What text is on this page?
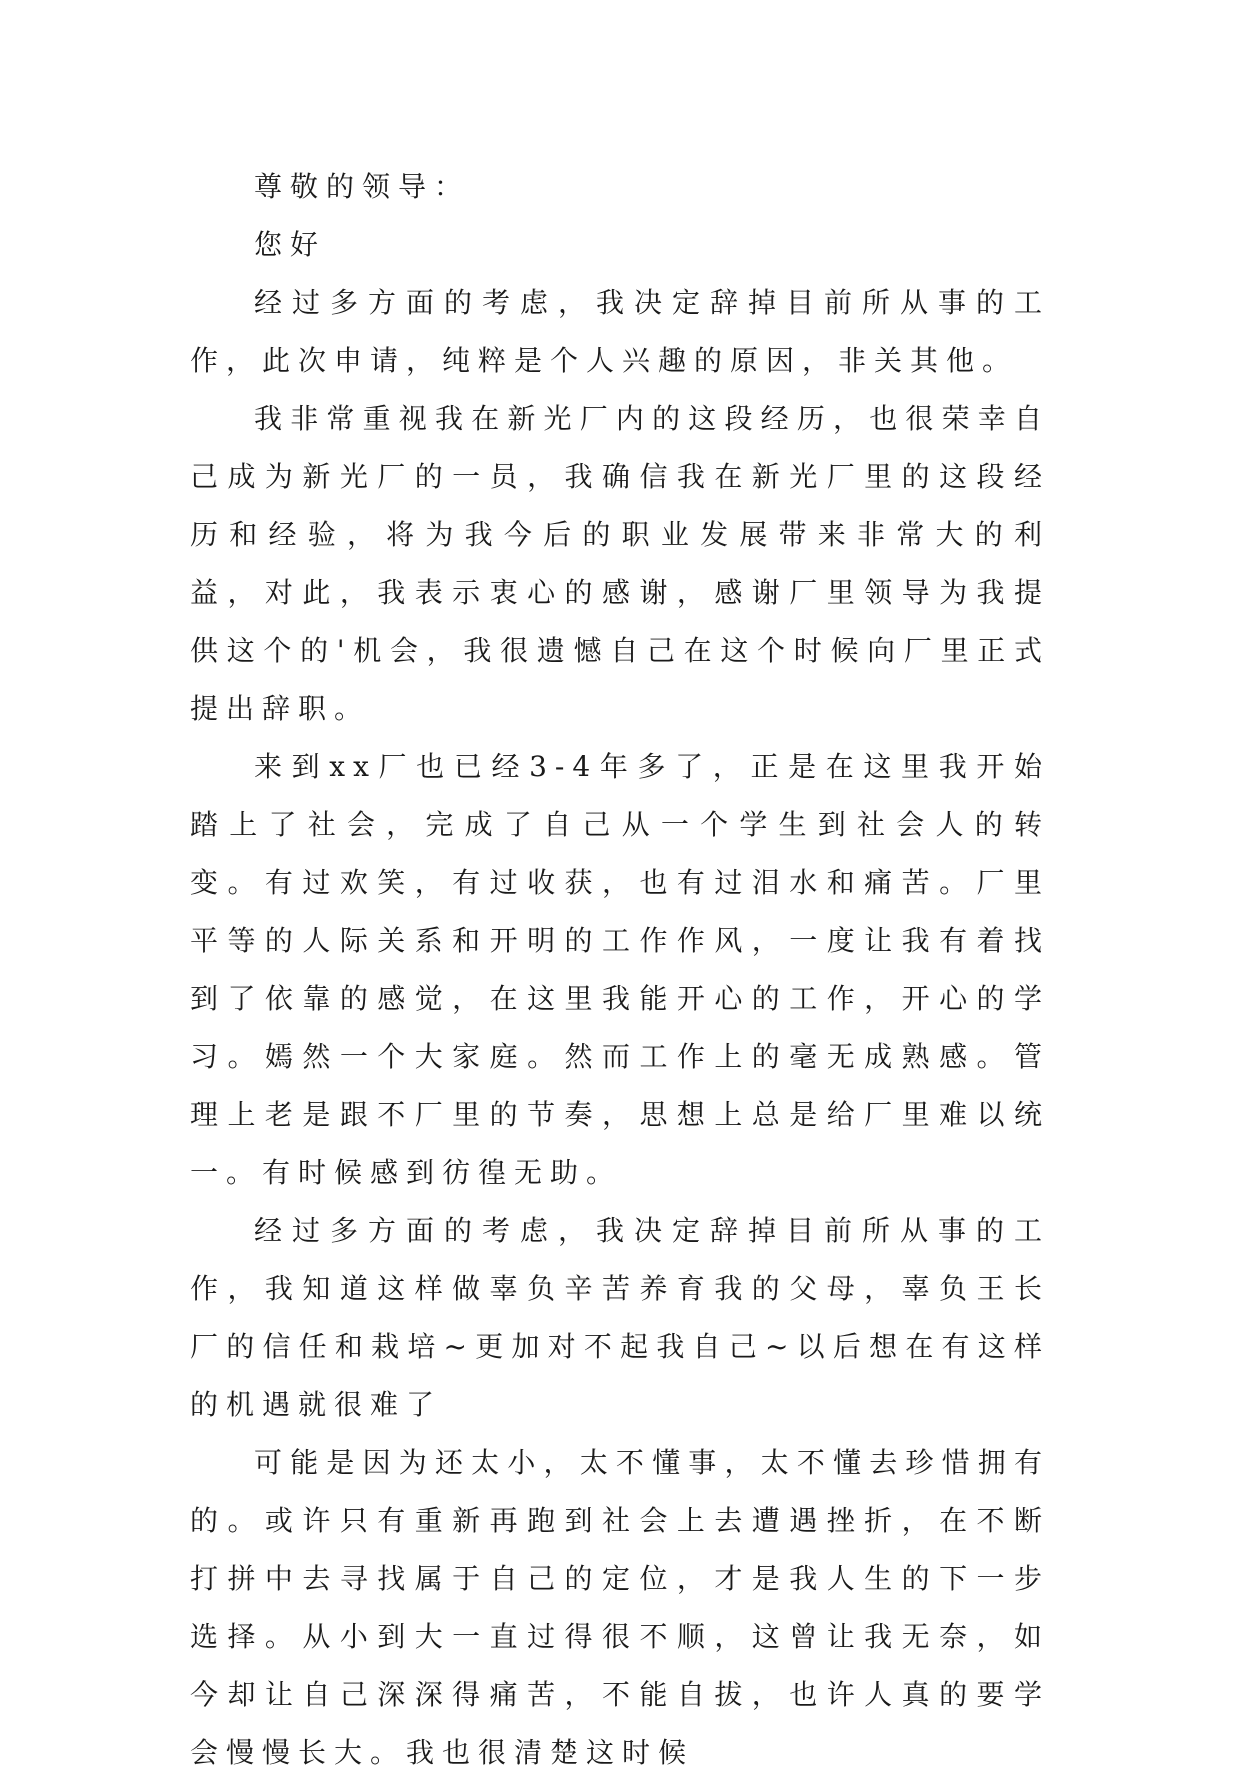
尊敬的领导：

您好

经过多方面的考虑，我决定辞掉目前所从事的工作，此次申请，纯粹是个人兴趣的原因，非关其他。

我非常重视我在新光厂内的这段经历，也很荣幸自己成为新光厂的一员，我确信我在新光厂里的这段经历和经验，将为我今后的职业发展带来非常大的利益，对此，我表示衷心的感谢，感谢厂里领导为我提供这个的'机会，我很遗憾自己在这个时候向厂里正式提出辞职。

来到xx厂也已经3-4年多了，正是在这里我开始踏上了社会，完成了自己从一个学生到社会人的转变。有过欢笑，有过收获，也有过泪水和痛苦。厂里平等的人际关系和开明的工作作风，一度让我有着找到了依靠的感觉，在这里我能开心的工作，开心的学习。嫣然一个大家庭。然而工作上的毫无成熟感。管理上老是跟不厂里的节奏，思想上总是给厂里难以统一。有时候感到彷徨无助。

经过多方面的考虑，我决定辞掉目前所从事的工作，我知道这样做辜负辛苦养育我的父母，辜负王长厂的信任和栽培~更加对不起我自己~以后想在有这样的机遇就很难了

可能是因为还太小，太不懂事，太不懂去珍惜拥有的。或许只有重新再跑到社会上去遭遇挫折，在不断打拼中去寻找属于自己的定位，才是我人生的下一步选择。从小到大一直过得很不顺，这曾让我无奈，如今却让自己深深得痛苦，不能自拔，也许人真的要学会慢慢长大。我也很清楚这时候
